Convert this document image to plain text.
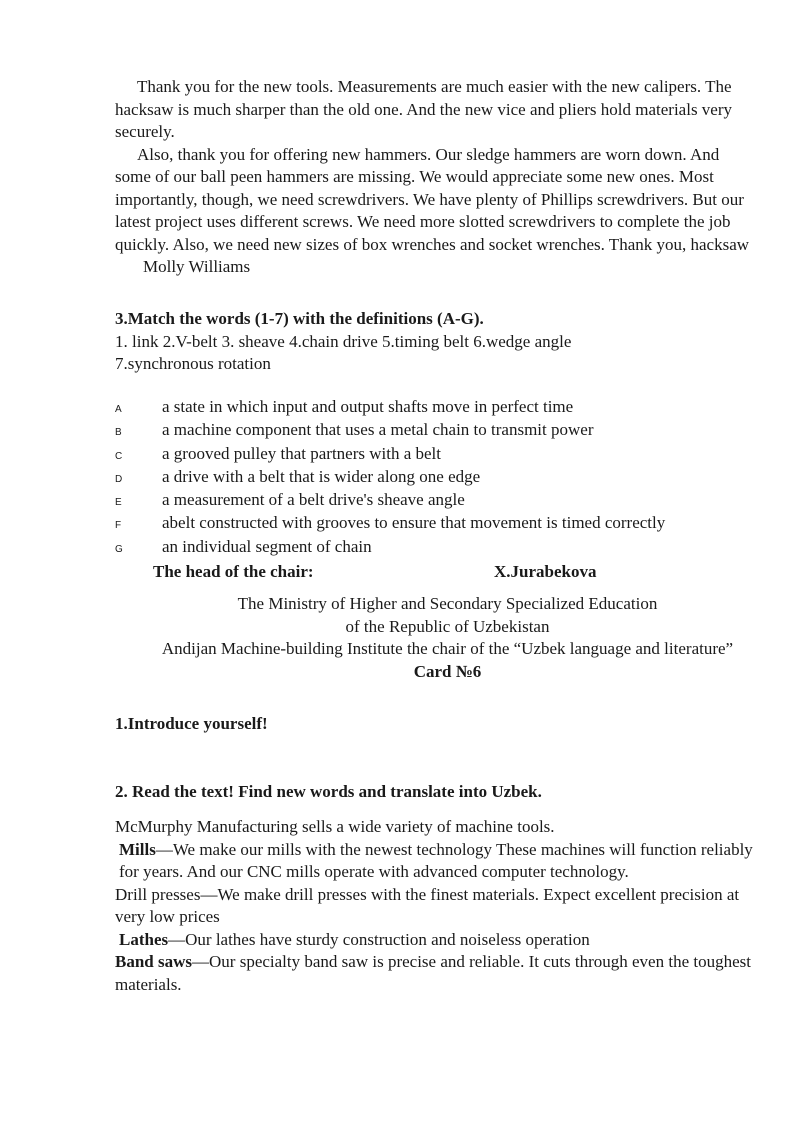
Thank you for the new tools. Measurements are much easier with the new calipers. The hacksaw is much sharper than the old one. And the new vice and pliers hold materials very securely.

Also, thank you for offering new hammers. Our sledge hammers are worn down. And some of our ball peen hammers are missing. We would appreciate some new ones. Most importantly, though, we need screwdrivers. We have plenty of Phillips screwdrivers. But our latest project uses different screws. We need more slotted screwdrivers to complete the job quickly. Also, we need new sizes of box wrenches and socket wrenches. Thank you, hacksaw

Molly Williams

3.Match the words (1-7) with the definitions (A-G).

1. link 2.V-belt 3. sheave 4.chain drive 5.timing belt 6.wedge angle

7.synchronous rotation

A	a state in which input and output shafts move in perfect time
B	a machine component that uses a metal chain to transmit power
C	a grooved pulley that partners with a belt
D	a drive with a belt that is wider along one edge
E	a measurement of a belt drive's sheave angle
F	abelt constructed with grooves to ensure that movement is timed correctly
G	an individual segment of chain
The head of the chair:	X.Jurabekova

The Ministry of Higher and Secondary Specialized Education

of the Republic of Uzbekistan

Andijan Machine-building Institute the chair of the “Uzbek language and literature”

Card №6

1.Introduce yourself!

2. Read the text! Find new words and translate into Uzbek.

McMurphy Manufacturing sells a wide variety of machine tools.

Mills—We make our mills with the newest technology These machines will function reliably for years. And our CNC mills operate with advanced computer technology.

Drill presses—We make drill presses with the finest materials. Expect excellent precision at very low prices

Lathes—Our lathes have sturdy construction and noiseless operation

Band saws—Our specialty band saw is precise and reliable. It cuts through even the toughest materials.
